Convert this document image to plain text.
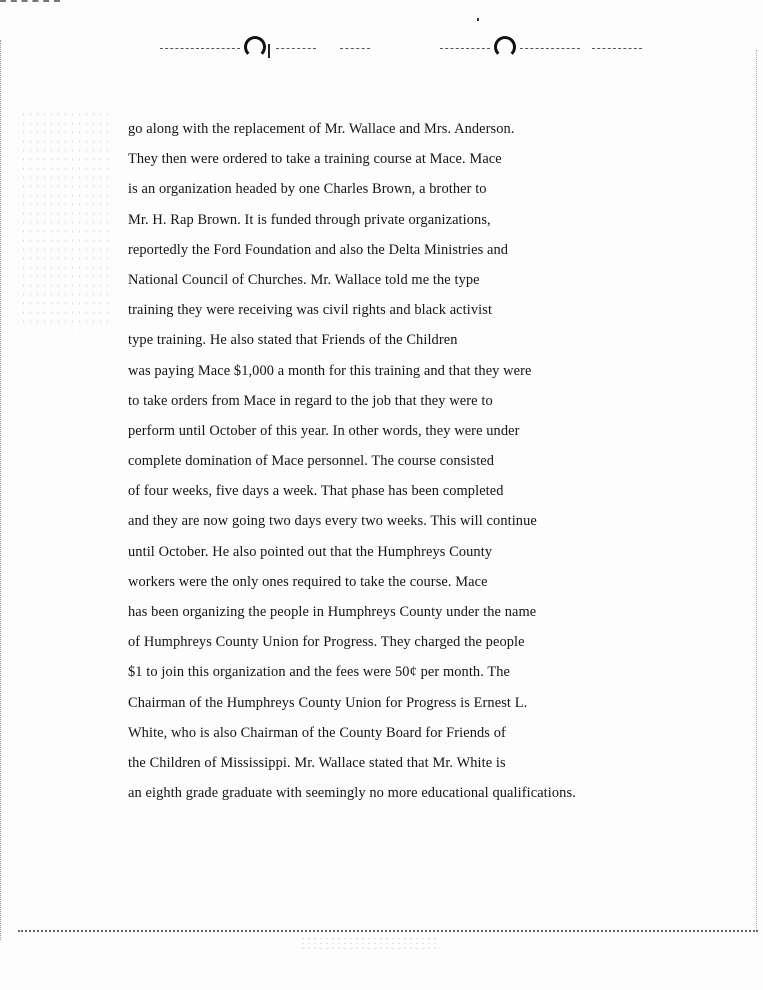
go along with the replacement of Mr. Wallace and Mrs. Anderson.
They then were ordered to take a training course at Mace. Mace
is an organization headed by one Charles Brown, a brother to
Mr. H. Rap Brown. It is funded through private organizations,
reportedly the Ford Foundation and also the Delta Ministries and
National Council of Churches. Mr. Wallace told me the type
training they were receiving was civil rights and black activist
type training. He also stated that Friends of the Children
was paying Mace $1,000 a month for this training and that they were
to take orders from Mace in regard to the job that they were to
perform until October of this year. In other words, they were under
complete domination of Mace personnel. The course consisted
of four weeks, five days a week. That phase has been completed
and they are now going two days every two weeks. This will continue
until October. He also pointed out that the Humphreys County
workers were the only ones required to take the course. Mace
has been organizing the people in Humphreys County under the name
of Humphreys County Union for Progress. They charged the people
$1 to join this organization and the fees were 50¢ per month. The
Chairman of the Humphreys County Union for Progress is Ernest L.
White, who is also Chairman of the County Board for Friends of
the Children of Mississippi. Mr. Wallace stated that Mr. White is
an eighth grade graduate with seemingly no more educational qualifications.
